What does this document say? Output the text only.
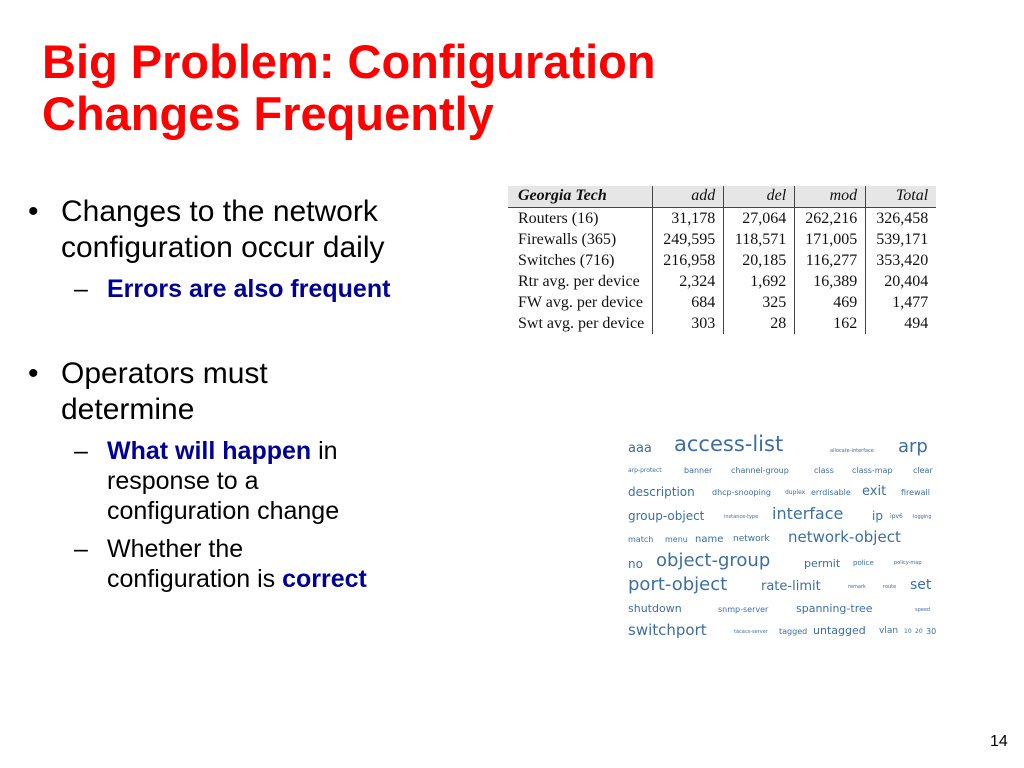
Big Problem: Configuration
Changes Frequently

• Changes to the network
configuration occur daily

– Errors are also frequent

• Operators must
determine

– What will happen in
response to a
configuration change

– Whether the
configuration is correct

Georgia Tech	add	del	mod	Total
Routers (16)	31,178	27,064	262,216	326,458
Firewalls (365)	249,595	118,571	171,005	539,171
Switches (716)	216,958	20,185	116,277	353,420
Rtr avg. per device	2,324	1,692	16,389	20,404
FW avg. per device	684	325	469	1,477
Swt avg. per device	303	28	162	494
aaa access-list	allocate-interface arp
arp-protect	banner channel-group	class class-map	clear
description dhcp-snooping duplex errdisable exit firewall
group-object	instance-type interface ip ipv6 logging
match menu name network network-object
no object-group	permit police	policy-map
port-object	rate-limit	remark	route set
shutdown	snmp-server	spanning-tree	speed
switchport	tacacs-server tagged untagged vlan 10 20 30
14
